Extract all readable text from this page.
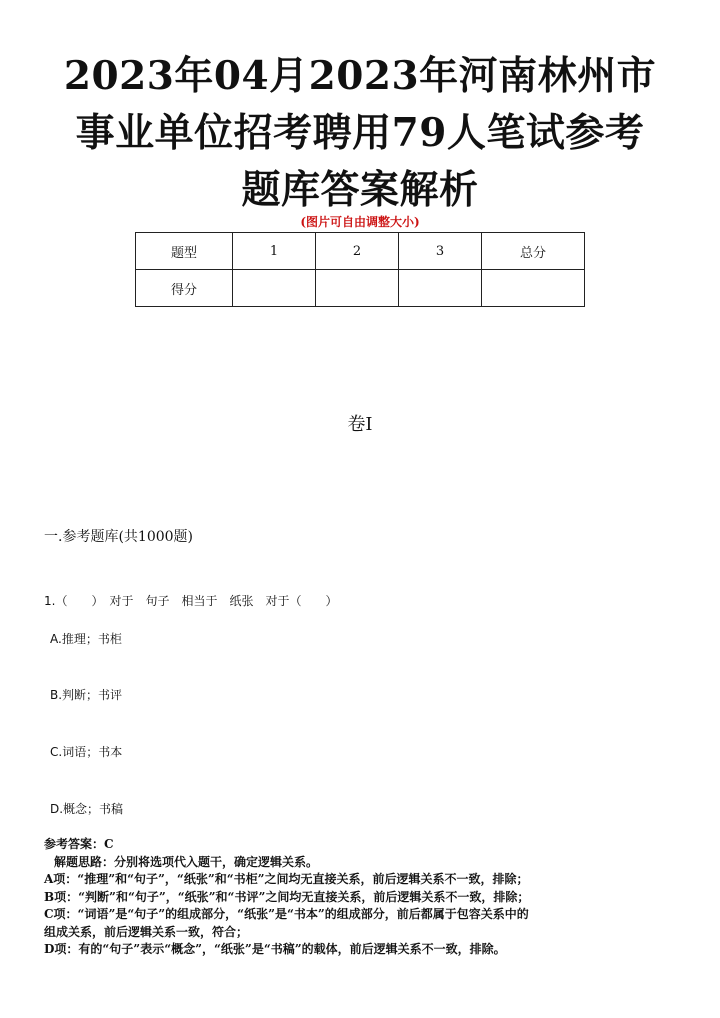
2023年04月2023年河南林州市
事业单位招考聘用79人笔试参考
题库答案解析
(图片可自由调整大小)
题型	1	2	3	总分
得分				
卷I
一.参考题库(共1000题)
1.（　　）　对于　句子　相当于　纸张　对于（　　）
A.推理；书柜
B.判断；书评
C.词语；书本
D.概念；书稿
参考答案：C
解题思路：分别将选项代入题干，确定逻辑关系。
A项：“推理”和“句子”，“纸张”和“书柜”之间均无直接关系，前后逻辑关系不一致，排除；
B项：“判断”和“句子”，“纸张”和“书评”之间均无直接关系，前后逻辑关系不一致，排除；
C项：“词语”是“句子”的组成部分，“纸张”是“书本”的组成部分，前后都属于包容关系中的
组成关系，前后逻辑关系一致，符合；
D项：有的“句子”表示“概念”，“纸张”是“书稿”的载体，前后逻辑关系不一致，排除。
